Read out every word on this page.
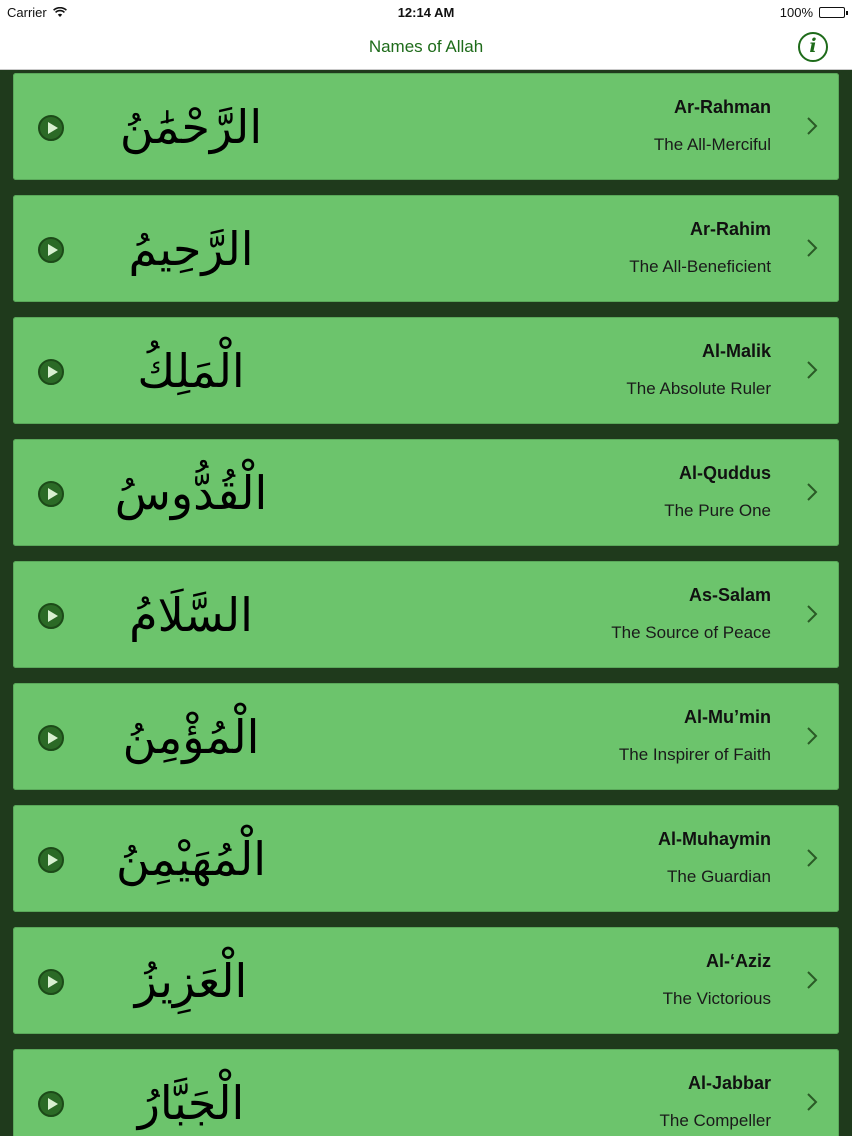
Carrier	12:14 AM	100%
Names of Allah	i
الرَّحْمَٰنُ	Ar-Rahman
The All-Merciful
الرَّحِيمُ	Ar-Rahim
The All-Beneficient
الْمَلِكُ	Al-Malik
The Absolute Ruler
الْقُدُّوسُ	Al-Quddus
The Pure One
السَّلَامُ	As-Salam
The Source of Peace
الْمُؤْمِنُ	Al-Mu’min
The Inspirer of Faith
الْمُهَيْمِنُ	Al-Muhaymin
The Guardian
الْعَزِيزُ	Al-‘Aziz
The Victorious
الْجَبَّارُ	Al-Jabbar
The Compeller
